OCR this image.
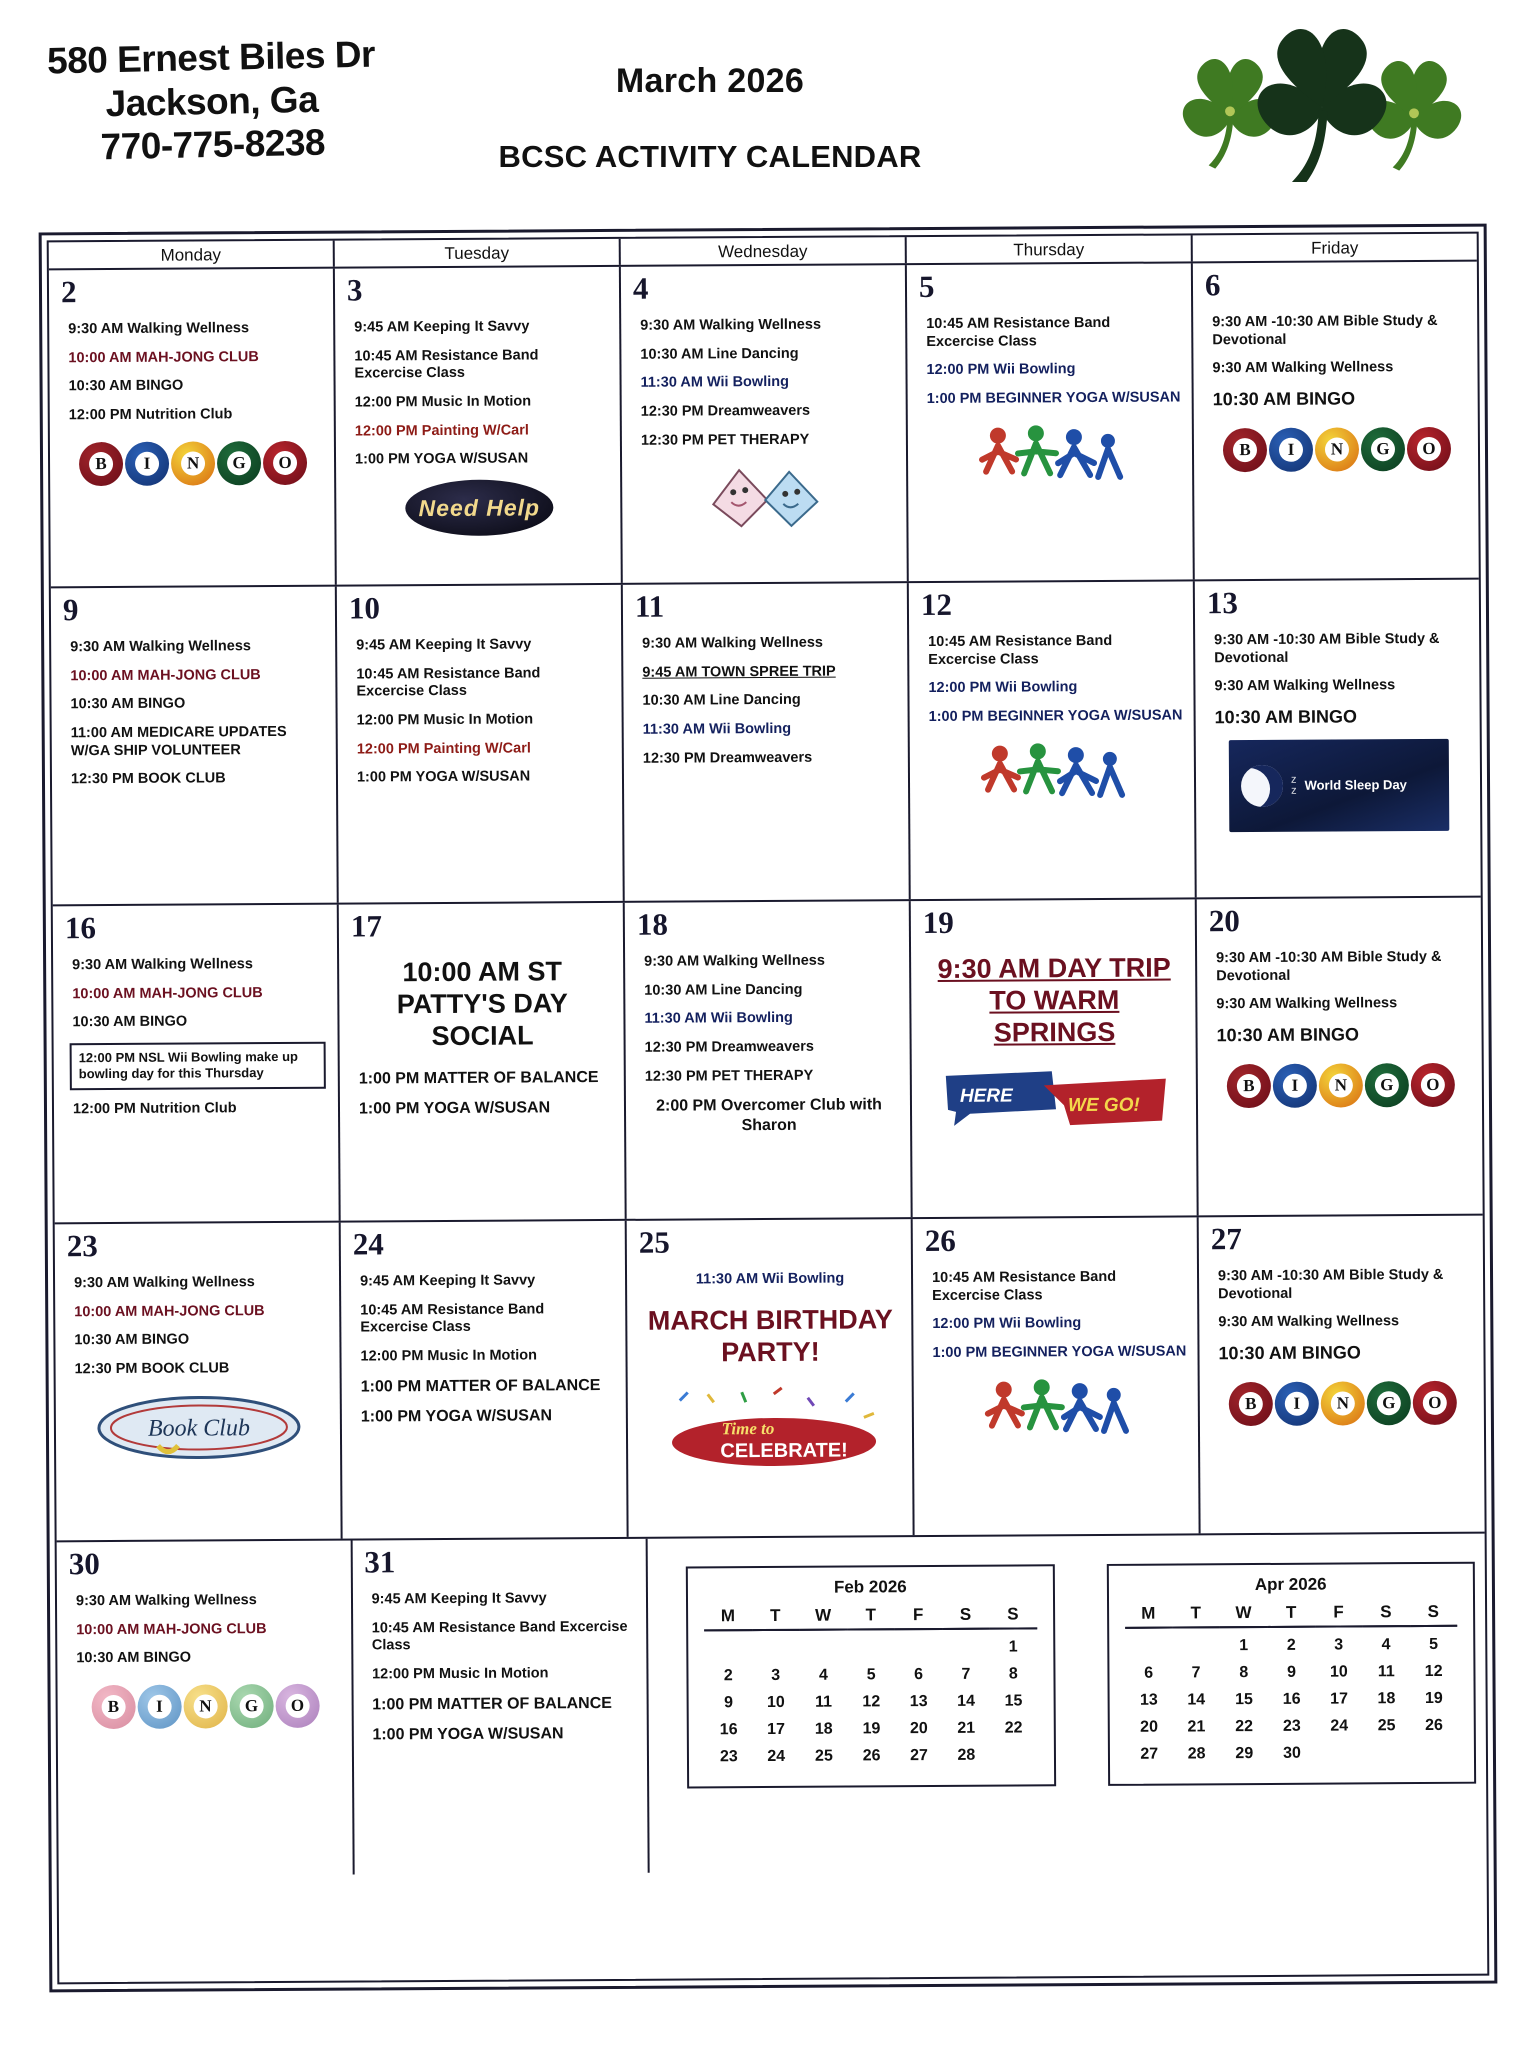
580 Ernest Biles Dr
Jackson, Ga
770-775-8238
March 2026
BCSC ACTIVITY CALENDAR
Monday	Tuesday	Wednesday	Thursday	Friday
2
9:30 AM Walking Wellness
10:00 AM MAH-JONG CLUB
10:30 AM BINGO
12:00 PM Nutrition Club
B	I	N	G	O
3
9:45 AM Keeping It Savvy
10:45 AM Resistance Band Excercise Class
12:00 PM Music In Motion
12:00 PM Painting W/Carl
1:00 PM YOGA W/SUSAN
Need Help
4
9:30 AM Walking Wellness
10:30 AM Line Dancing
11:30 AM Wii Bowling
12:30 PM Dreamweavers
12:30 PM PET THERAPY
5
10:45 AM Resistance Band Excercise Class
12:00 PM Wii Bowling
1:00 PM BEGINNER YOGA W/SUSAN
6
9:30 AM -10:30 AM Bible Study & Devotional
9:30 AM Walking Wellness
10:30 AM BINGO
B	I	N	G	O
9
9:30 AM Walking Wellness
10:00 AM MAH-JONG CLUB
10:30 AM BINGO
11:00 AM MEDICARE UPDATES W/GA SHIP VOLUNTEER
12:30 PM BOOK CLUB
10
9:45 AM Keeping It Savvy
10:45 AM Resistance Band Excercise Class
12:00 PM Music In Motion
12:00 PM Painting W/Carl
1:00 PM YOGA W/SUSAN
11
9:30 AM Walking Wellness
9:45 AM TOWN SPREE TRIP
10:30 AM Line Dancing
11:30 AM Wii Bowling
12:30 PM Dreamweavers
12
10:45 AM Resistance Band Excercise Class
12:00 PM Wii Bowling
1:00 PM BEGINNER YOGA W/SUSAN
13
9:30 AM -10:30 AM Bible Study & Devotional
9:30 AM Walking Wellness
10:30 AM BINGO
z
z World Sleep Day
16
9:30 AM Walking Wellness
10:00 AM MAH-JONG CLUB
10:30 AM BINGO
12:00 PM NSL Wii Bowling make up bowling day for this Thursday
12:00 PM Nutrition Club
17
10:00 AM ST PATTY'S DAY SOCIAL
1:00 PM MATTER OF BALANCE
1:00 PM YOGA W/SUSAN
18
9:30 AM Walking Wellness
10:30 AM Line Dancing
11:30 AM Wii Bowling
12:30 PM Dreamweavers
12:30 PM PET THERAPY
2:00 PM Overcomer Club with Sharon
19
9:30 AM DAY TRIP TO WARM SPRINGS
HERE	WE GO!
20
9:30 AM -10:30 AM Bible Study & Devotional
9:30 AM Walking Wellness
10:30 AM BINGO
B	I	N	G	O
23
9:30 AM Walking Wellness
10:00 AM MAH-JONG CLUB
10:30 AM BINGO
12:30 PM BOOK CLUB
Book Club
24
9:45 AM Keeping It Savvy
10:45 AM Resistance Band Excercise Class
12:00 PM Music In Motion
1:00 PM MATTER OF BALANCE
1:00 PM YOGA W/SUSAN
25
11:30 AM Wii Bowling
MARCH BIRTHDAY PARTY!
Time to
CELEBRATE!
26
10:45 AM Resistance Band Excercise Class
12:00 PM Wii Bowling
1:00 PM BEGINNER YOGA W/SUSAN
27
9:30 AM -10:30 AM Bible Study & Devotional
9:30 AM Walking Wellness
10:30 AM BINGO
B	I	N	G	O
30
9:30 AM Walking Wellness
10:00 AM MAH-JONG CLUB
10:30 AM BINGO
B	I	N	G	O
31
9:45 AM Keeping It Savvy
10:45 AM Resistance Band Excercise Class
12:00 PM Music In Motion
1:00 PM MATTER OF BALANCE
1:00 PM YOGA W/SUSAN
Feb 2026
M	T	W	T	F	S	S
						1
2	3	4	5	6	7	8
9	10	11	12	13	14	15
16	17	18	19	20	21	22
23	24	25	26	27	28	
Apr 2026
M	T	W	T	F	S	S
		1	2	3	4	5
6	7	8	9	10	11	12
13	14	15	16	17	18	19
20	21	22	23	24	25	26
27	28	29	30			
